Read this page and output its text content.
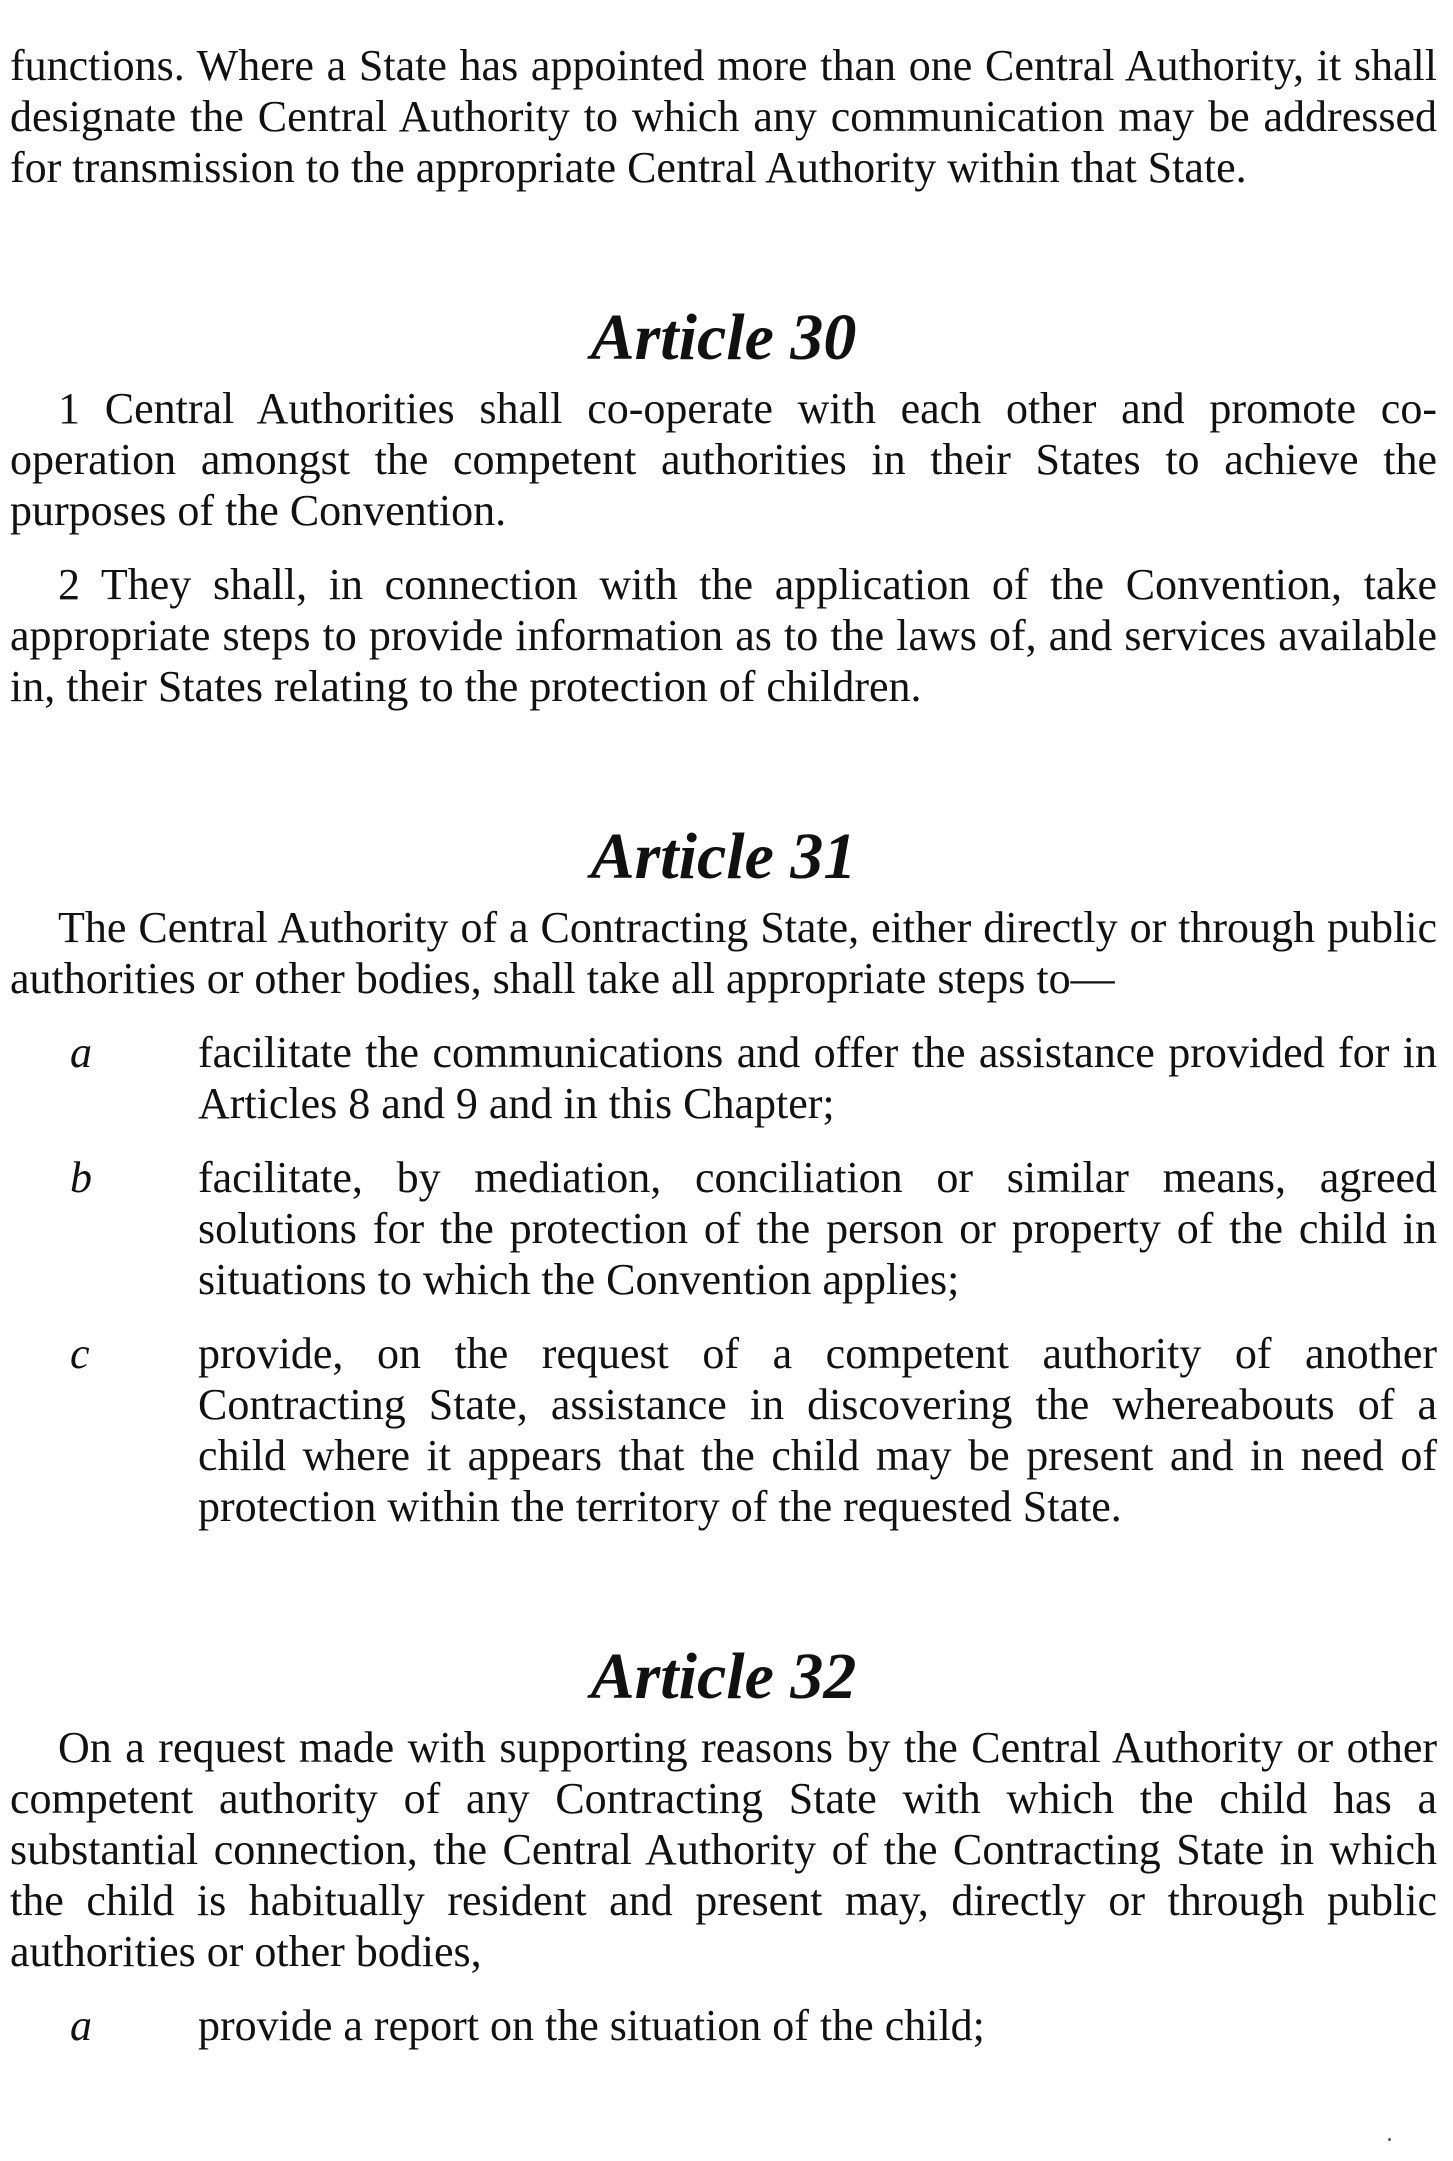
functions. Where a State has appointed more than one Central Authority, it shall designate the Central Authority to which any communication may be addressed for transmission to the appropriate Central Authority within that State.

Article 30

1 Central Authorities shall co-operate with each other and promote co-operation amongst the competent authorities in their States to achieve the purposes of the Convention.

2 They shall, in connection with the application of the Convention, take appropriate steps to provide information as to the laws of, and services available in, their States relating to the protection of children.

Article 31

The Central Authority of a Contracting State, either directly or through public authorities or other bodies, shall take all appropriate steps to—

a	facilitate the communications and offer the assistance provided for in Articles 8 and 9 and in this Chapter;
b	facilitate, by mediation, conciliation or similar means, agreed solutions for the protection of the person or property of the child in situations to which the Convention applies;
c	provide, on the request of a competent authority of another Contracting State, assistance in discovering the whereabouts of a child where it appears that the child may be present and in need of protection within the territory of the requested State.
Article 32

On a request made with supporting reasons by the Central Authority or other competent authority of any Contracting State with which the child has a substantial connection, the Central Authority of the Contracting State in which the child is habitually resident and present may, directly or through public authorities or other bodies,

a	provide a report on the situation of the child;
